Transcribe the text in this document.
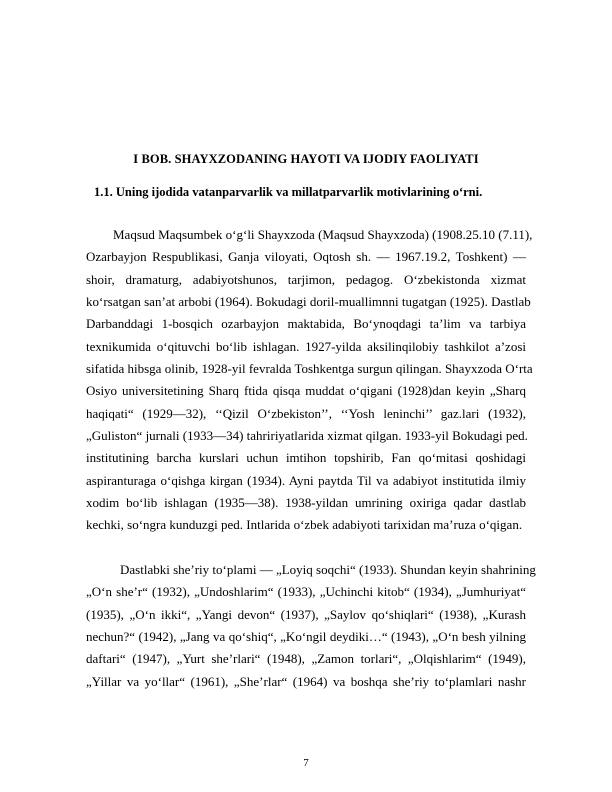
I BOB. SHAYXZODANING HAYOTI VA IJODIY FAOLIYATI
1.1. Uning ijodida vatanparvarlik va millatparvarlik motivlarining o‘rni.
Maqsud Maqsumbek o‘g‘li Shayxzoda (Maqsud Shayxzoda) (1908.25.10 (7.11),
Ozarbayjon Respublikasi, Ganja viloyati, Oqtosh sh. — 1967.19.2, Toshkent) —
shoir, dramaturg, adabiyotshunos, tarjimon, pedagog. O‘zbekistonda xizmat
ko‘rsatgan san’at arbobi (1964). Bokudagi doril-muallimnni tugatgan (1925). Dastlab
Darbanddagi 1-bosqich ozarbayjon maktabida, Bo‘ynoqdagi ta’lim va tarbiya
texnikumida o‘qituvchi bo‘lib ishlagan. 1927-yilda aksilinqilobiy tashkilot a’zosi
sifatida hibsga olinib, 1928-yil fevralda Toshkentga surgun qilingan. Shayxzoda O‘rta
Osiyo universitetining Sharq ftida qisqa muddat o‘qigani (1928)dan keyin „Sharq
haqiqati“ (1929—32), ‘‘Qizil O‘zbekiston’’, ‘‘Yosh leninchi’’ gaz.lari (1932),
„Guliston“ jurnali (1933—34) tahririyatlarida xizmat qilgan. 1933-yil Bokudagi ped.
institutining barcha kurslari uchun imtihon topshirib, Fan qo‘mitasi qoshidagi
aspiranturaga o‘qishga kirgan (1934). Ayni paytda Til va adabiyot institutida ilmiy
xodim bo‘lib ishlagan (1935—38). 1938-yildan umrining oxiriga qadar dastlab
kechki, so‘ngra kunduzgi ped. Intlarida o‘zbek adabiyoti tarixidan ma’ruza o‘qigan.
Dastlabki she’riy to‘plami — „Loyiq soqchi“ (1933). Shundan keyin shahrining
„O‘n she’r“ (1932), „Undoshlarim“ (1933), „Uchinchi kitob“ (1934), „Jumhuriyat“
(1935), „O‘n ikki“, „Yangi devon“ (1937), „Saylov qo‘shiqlari“ (1938), „Kurash
nechun?“ (1942), „Jang va qo‘shiq“, „Ko‘ngil deydiki…“ (1943), „O‘n besh yilning
daftari“ (1947), „Yurt she’rlari“ (1948), „Zamon torlari“, „Olqishlarim“ (1949),
„Yillar va yo‘llar“ (1961), „She’rlar“ (1964) va boshqa she’riy to‘plamlari nashr
7
